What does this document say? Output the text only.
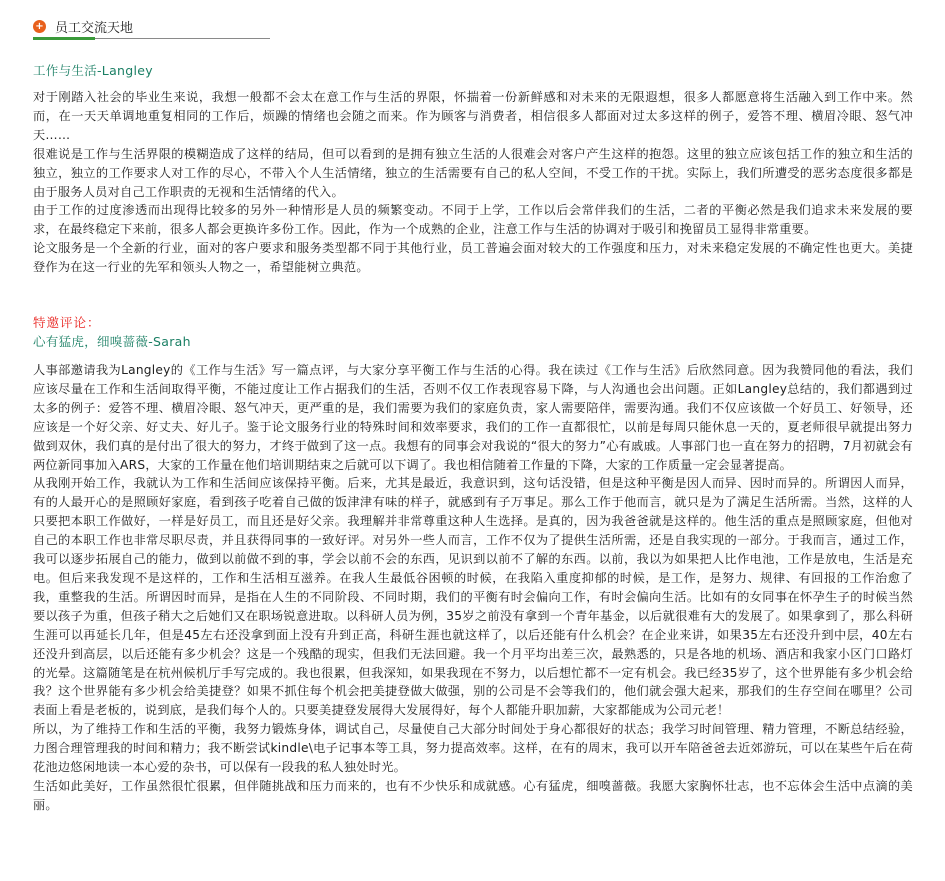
+ 员工交流天地
工作与生活-Langley

对于刚踏入社会的毕业生来说，我想一般都不会太在意工作与生活的界限，怀揣着一份新鲜感和对未来的无限遐想，很多人都愿意将生活融入到工作中来。然而，在一天天单调地重复相同的工作后，烦躁的情绪也会随之而来。作为顾客与消费者，相信很多人都面对过太多这样的例子，爱答不理、横眉冷眼、怒气冲天……

很难说是工作与生活界限的模糊造成了这样的结局，但可以看到的是拥有独立生活的人很难会对客户产生这样的抱怨。这里的独立应该包括工作的独立和生活的独立，独立的工作要求人对工作的尽心，不带入个人生活情绪，独立的生活需要有自己的私人空间，不受工作的干扰。实际上，我们所遭受的恶劣态度很多都是由于服务人员对自己工作职责的无视和生活情绪的代入。

由于工作的过度渗透而出现得比较多的另外一种情形是人员的频繁变动。不同于上学，工作以后会常伴我们的生活，二者的平衡必然是我们追求未来发展的要求，在最终稳定下来前，很多人都会更换许多份工作。因此，作为一个成熟的企业，注意工作与生活的协调对于吸引和挽留员工显得非常重要。

论文服务是一个全新的行业，面对的客户要求和服务类型都不同于其他行业，员工普遍会面对较大的工作强度和压力，对未来稳定发展的不确定性也更大。美捷登作为在这一行业的先军和领头人物之一，希望能树立典范。

特邀评论：
心有猛虎，细嗅蔷薇-Sarah

人事部邀请我为Langley的《工作与生活》写一篇点评，与大家分享平衡工作与生活的心得。我在读过《工作与生活》后欣然同意。因为我赞同他的看法，我们应该尽量在工作和生活间取得平衡，不能过度让工作占据我们的生活，否则不仅工作表现容易下降，与人沟通也会出问题。正如Langley总结的，我们都遇到过太多的例子：爱答不理、横眉冷眼、怒气冲天，更严重的是，我们需要为我们的家庭负责，家人需要陪伴，需要沟通。我们不仅应该做一个好员工、好领导，还应该是一个好父亲、好丈夫、好儿子。鉴于论文服务行业的特殊时间和效率要求，我们的工作一直都很忙，以前是每周只能休息一天的，夏老师很早就提出努力做到双休，我们真的是付出了很大的努力，才终于做到了这一点。我想有的同事会对我说的“很大的努力”心有戚戚。人事部门也一直在努力的招聘，7月初就会有两位新同事加入ARS，大家的工作量在他们培训期结束之后就可以下调了。我也相信随着工作量的下降，大家的工作质量一定会显著提高。

从我刚开始工作，我就认为工作和生活间应该保持平衡。后来，尤其是最近，我意识到，这句话没错，但是这种平衡是因人而异、因时而异的。所谓因人而异，有的人最开心的是照顾好家庭，看到孩子吃着自己做的饭津津有味的样子，就感到有子万事足。那么工作于他而言，就只是为了满足生活所需。当然，这样的人只要把本职工作做好，一样是好员工，而且还是好父亲。我理解并非常尊重这种人生选择。是真的，因为我爸爸就是这样的。他生活的重点是照顾家庭，但他对自己的本职工作也非常尽职尽责，并且获得同事的一致好评。对另外一些人而言，工作不仅为了提供生活所需，还是自我实现的一部分。于我而言，通过工作，我可以逐步拓展自己的能力，做到以前做不到的事，学会以前不会的东西，见识到以前不了解的东西。以前，我以为如果把人比作电池，工作是放电，生活是充电。但后来我发现不是这样的，工作和生活相互滋养。在我人生最低谷困顿的时候，在我陷入重度抑郁的时候，是工作，是努力、规律、有回报的工作治愈了我，重整我的生活。所谓因时而异，是指在人生的不同阶段、不同时期，我们的平衡有时会偏向工作，有时会偏向生活。比如有的女同事在怀孕生子的时候当然要以孩子为重，但孩子稍大之后她们又在职场锐意进取。以科研人员为例，35岁之前没有拿到一个青年基金，以后就很难有大的发展了。如果拿到了，那么科研生涯可以再延长几年，但是45左右还没拿到面上没有升到正高，科研生涯也就这样了，以后还能有什么机会？在企业来讲，如果35左右还没升到中层，40左右还没升到高层，以后还能有多少机会？这是一个残酷的现实，但我们无法回避。我一个月平均出差三次，最熟悉的，只是各地的机场、酒店和我家小区门口路灯的光晕。这篇随笔是在杭州候机厅手写完成的。我也很累，但我深知，如果我现在不努力，以后想忙都不一定有机会。我已经35岁了，这个世界能有多少机会给我？这个世界能有多少机会给美捷登？如果不抓住每个机会把美捷登做大做强，别的公司是不会等我们的，他们就会强大起来，那我们的生存空间在哪里？公司表面上看是老板的，说到底，是我们每个人的。只要美捷登发展得大发展得好，每个人都能升职加薪，大家都能成为公司元老！

所以，为了维持工作和生活的平衡，我努力锻炼身体，调试自己，尽量使自己大部分时间处于身心都很好的状态；我学习时间管理、精力管理，不断总结经验，力图合理管理我的时间和精力；我不断尝试kindle\电子记事本等工具，努力提高效率。这样，在有的周末，我可以开车陪爸爸去近郊游玩，可以在某些午后在荷花池边悠闲地读一本心爱的杂书，可以保有一段我的私人独处时光。

生活如此美好，工作虽然很忙很累，但伴随挑战和压力而来的，也有不少快乐和成就感。心有猛虎，细嗅蔷薇。我愿大家胸怀壮志，也不忘体会生活中点滴的美丽。
